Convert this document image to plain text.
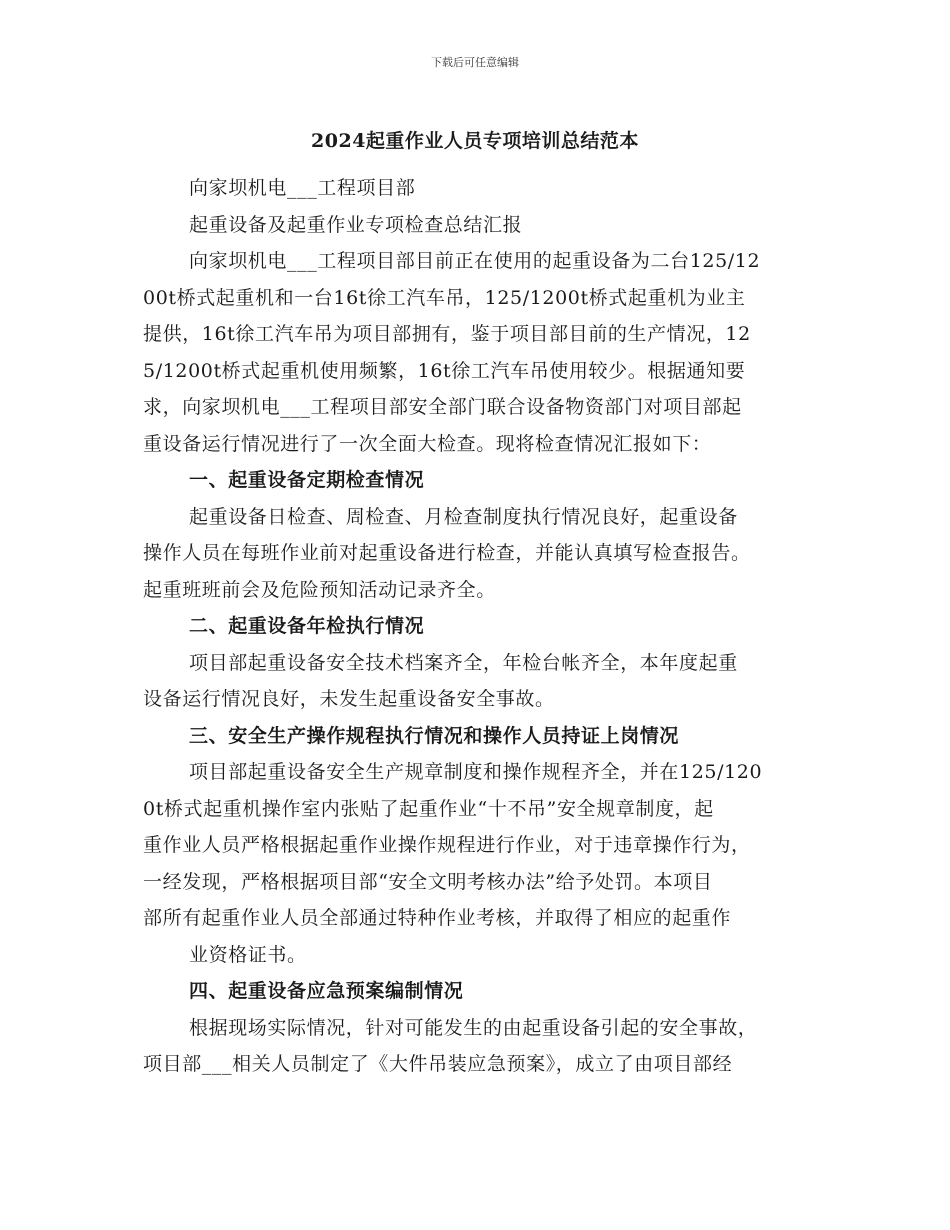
下载后可任意编辑
2024起重作业人员专项培训总结范本
向家坝机电___工程项目部
起重设备及起重作业专项检查总结汇报
向家坝机电___工程项目部目前正在使用的起重设备为二台125/12
00t桥式起重机和一台16t徐工汽车吊，125/1200t桥式起重机为业主
提供，16t徐工汽车吊为项目部拥有，鉴于项目部目前的生产情况，12
5/1200t桥式起重机使用频繁，16t徐工汽车吊使用较少。根据通知要
求，向家坝机电___工程项目部安全部门联合设备物资部门对项目部起
重设备运行情况进行了一次全面大检查。现将检查情况汇报如下：
一、起重设备定期检查情况
起重设备日检查、周检查、月检查制度执行情况良好，起重设备
操作人员在每班作业前对起重设备进行检查，并能认真填写检查报告。
起重班班前会及危险预知活动记录齐全。
二、起重设备年检执行情况
项目部起重设备安全技术档案齐全，年检台帐齐全，本年度起重
设备运行情况良好，未发生起重设备安全事故。
三、安全生产操作规程执行情况和操作人员持证上岗情况
项目部起重设备安全生产规章制度和操作规程齐全，并在125/120
0t桥式起重机操作室内张贴了起重作业“十不吊”安全规章制度，起
重作业人员严格根据起重作业操作规程进行作业，对于违章操作行为，
一经发现，严格根据项目部“安全文明考核办法”给予处罚。本项目
部所有起重作业人员全部通过特种作业考核，并取得了相应的起重作
业资格证书。
四、起重设备应急预案编制情况
根据现场实际情况，针对可能发生的由起重设备引起的安全事故，
项目部___相关人员制定了《大件吊装应急预案》，成立了由项目部经
